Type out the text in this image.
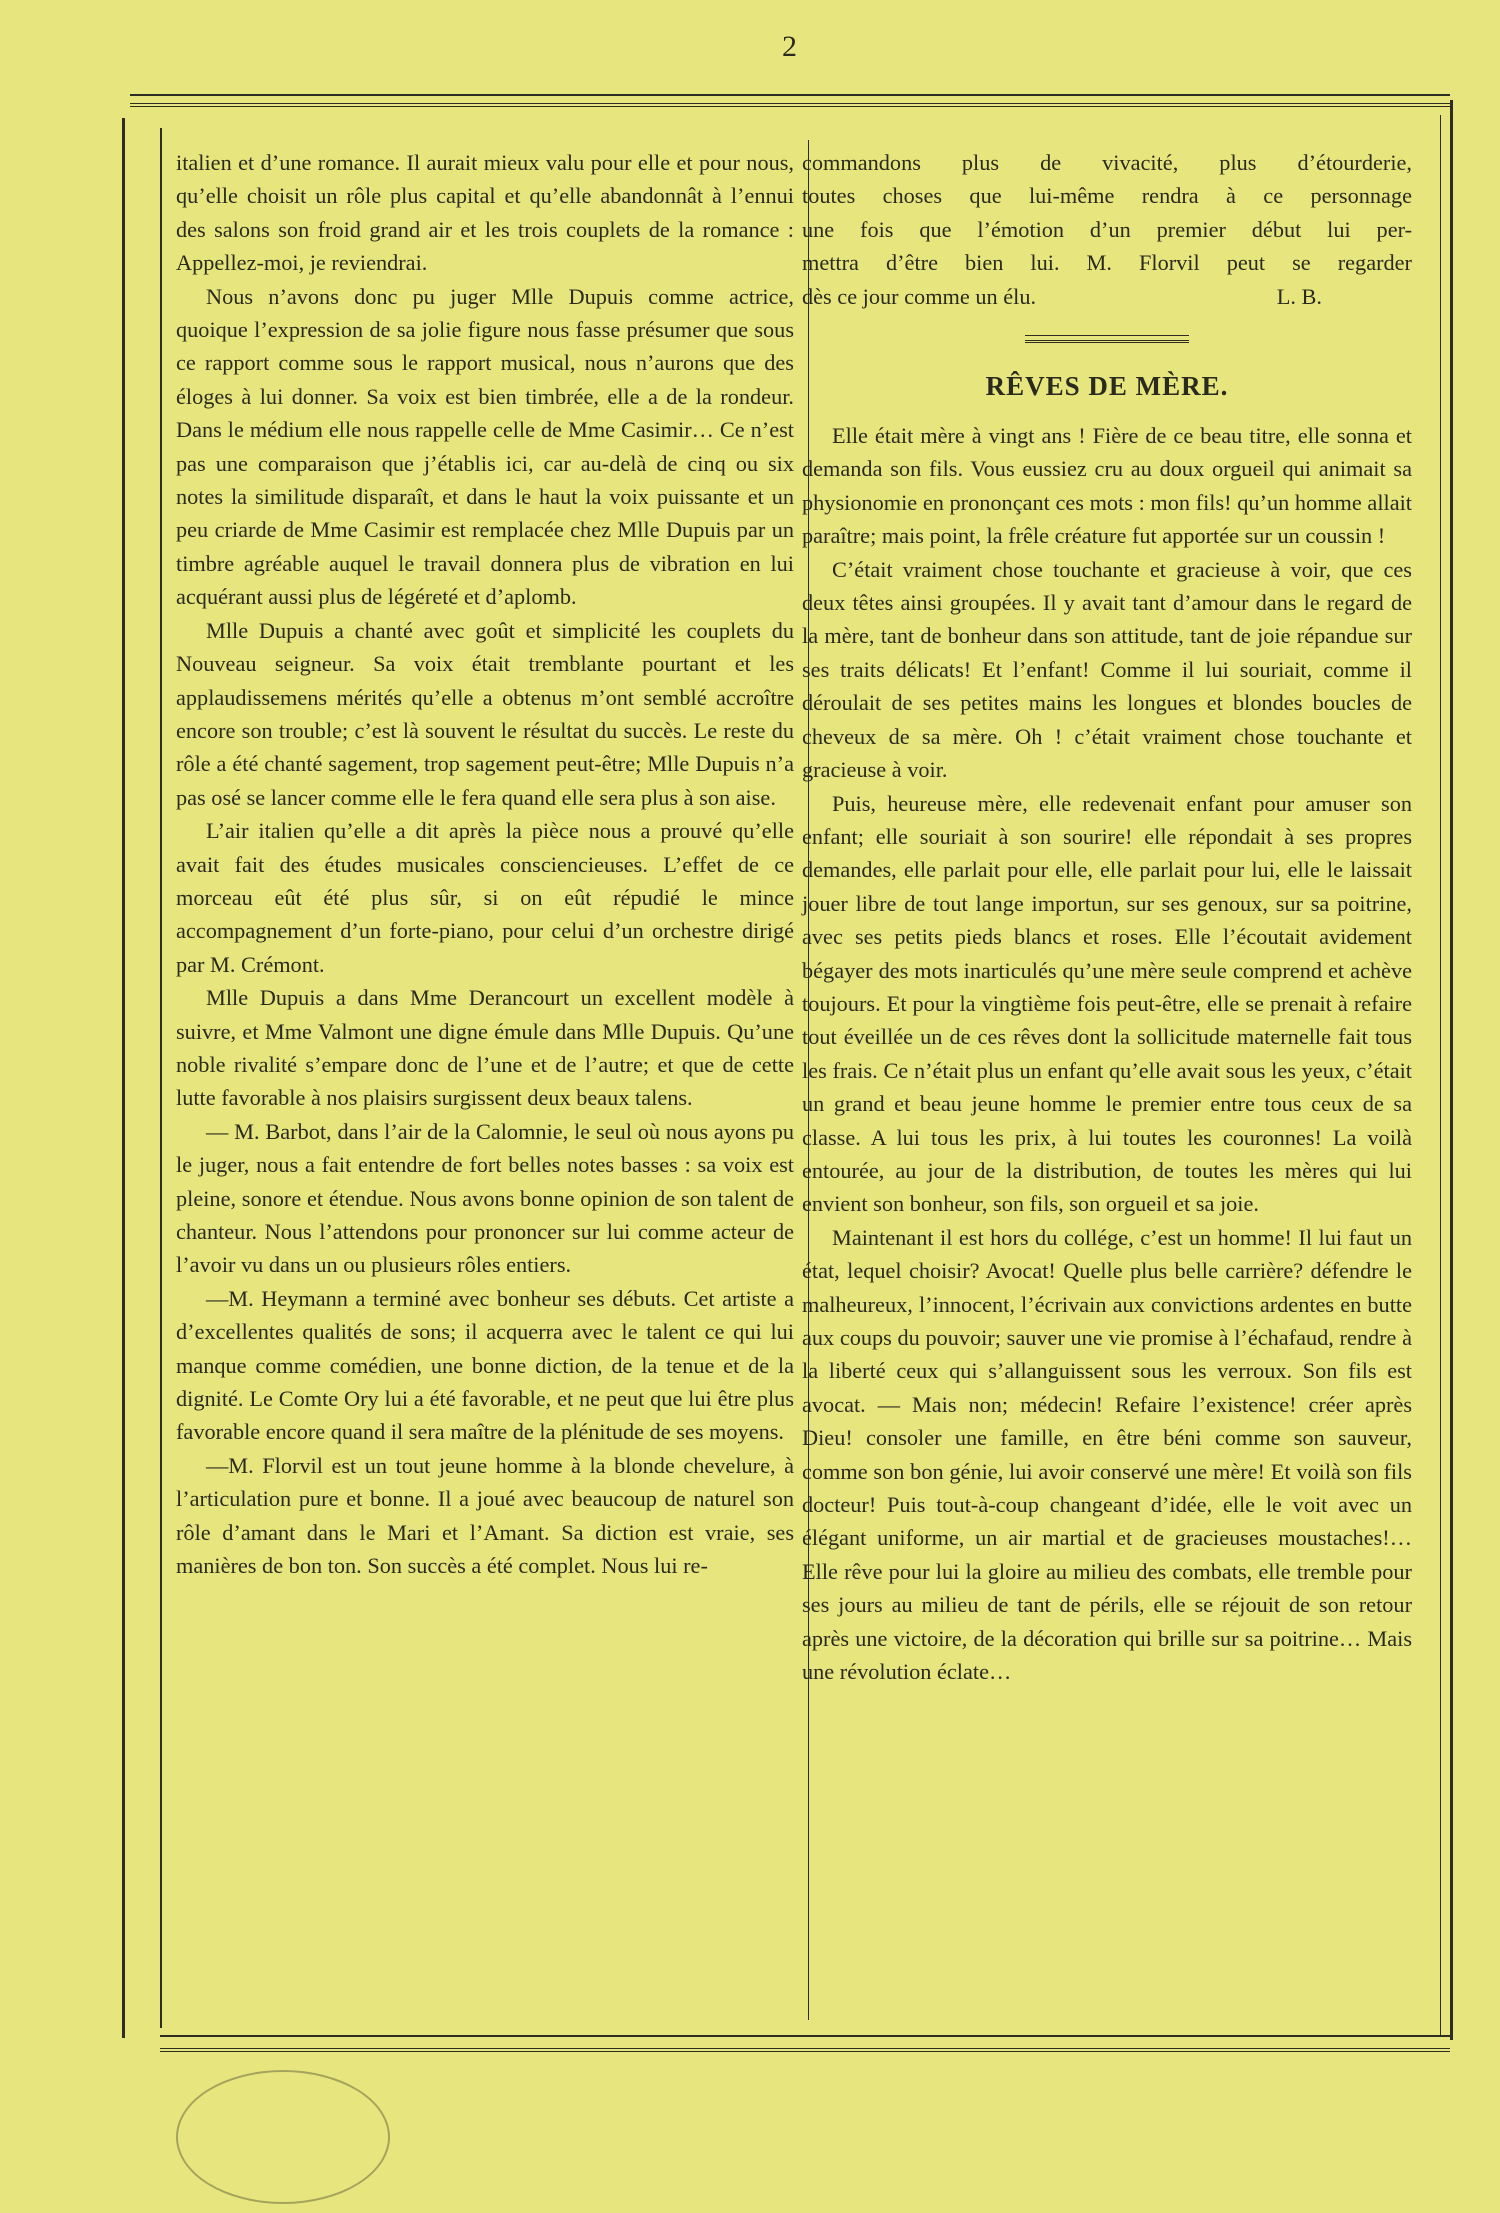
2

italien et d’une romance. Il aurait mieux valu pour elle et pour nous, qu’elle choisit un rôle plus capital et qu’elle abandonnât à l’ennui des salons son froid grand air et les trois couplets de la romance : Appellez-moi, je reviendrai.

Nous n’avons donc pu juger Mlle Dupuis comme actrice, quoique l’expression de sa jolie figure nous fasse présumer que sous ce rapport comme sous le rapport musical, nous n’aurons que des éloges à lui donner. Sa voix est bien timbrée, elle a de la rondeur. Dans le médium elle nous rappelle celle de Mme Casimir… Ce n’est pas une comparaison que j’établis ici, car au-delà de cinq ou six notes la similitude disparaît, et dans le haut la voix puissante et un peu criarde de Mme Casimir est remplacée chez Mlle Dupuis par un timbre agréable auquel le travail donnera plus de vibration en lui acquérant aussi plus de légéreté et d’aplomb.

Mlle Dupuis a chanté avec goût et simplicité les couplets du Nouveau seigneur. Sa voix était tremblante pourtant et les applaudissemens mérités qu’elle a obtenus m’ont semblé accroître encore son trouble; c’est là souvent le résultat du succès. Le reste du rôle a été chanté sagement, trop sagement peut-être; Mlle Dupuis n’a pas osé se lancer comme elle le fera quand elle sera plus à son aise.

L’air italien qu’elle a dit après la pièce nous a prouvé qu’elle avait fait des études musicales consciencieuses. L’effet de ce morceau eût été plus sûr, si on eût répudié le mince accompagnement d’un forte-piano, pour celui d’un orchestre dirigé par M. Crémont.

Mlle Dupuis a dans Mme Derancourt un excellent modèle à suivre, et Mme Valmont une digne émule dans Mlle Dupuis. Qu’une noble rivalité s’empare donc de l’une et de l’autre; et que de cette lutte favorable à nos plaisirs surgissent deux beaux talens.

— M. Barbot, dans l’air de la Calomnie, le seul où nous ayons pu le juger, nous a fait entendre de fort belles notes basses : sa voix est pleine, sonore et étendue. Nous avons bonne opinion de son talent de chanteur. Nous l’attendons pour prononcer sur lui comme acteur de l’avoir vu dans un ou plusieurs rôles entiers.

—M. Heymann a terminé avec bonheur ses débuts. Cet artiste a d’excellentes qualités de sons; il acquerra avec le talent ce qui lui manque comme comédien, une bonne diction, de la tenue et de la dignité. Le Comte Ory lui a été favorable, et ne peut que lui être plus favorable encore quand il sera maître de la plénitude de ses moyens.

—M. Florvil est un tout jeune homme à la blonde chevelure, à l’articulation pure et bonne. Il a joué avec beaucoup de naturel son rôle d’amant dans le Mari et l’Amant. Sa diction est vraie, ses manières de bon ton. Son succès a été complet. Nous lui re-

commandons plus de vivacité, plus d’étourderie,
toutes choses que lui-même rendra à ce personnage
une fois que l’émotion d’un premier début lui per-
mettra d’être bien lui. M. Florvil peut se regarder
dès ce jour comme un élu.	L. B.

RÊVES DE MÈRE.

Elle était mère à vingt ans ! Fière de ce beau titre, elle sonna et demanda son fils. Vous eussiez cru au doux orgueil qui animait sa physionomie en prononçant ces mots : mon fils! qu’un homme allait paraître; mais point, la frêle créature fut apportée sur un coussin !

C’était vraiment chose touchante et gracieuse à voir, que ces deux têtes ainsi groupées. Il y avait tant d’amour dans le regard de la mère, tant de bonheur dans son attitude, tant de joie répandue sur ses traits délicats! Et l’enfant! Comme il lui souriait, comme il déroulait de ses petites mains les longues et blondes boucles de cheveux de sa mère. Oh ! c’était vraiment chose touchante et gracieuse à voir.

Puis, heureuse mère, elle redevenait enfant pour amuser son enfant; elle souriait à son sourire! elle répondait à ses propres demandes, elle parlait pour elle, elle parlait pour lui, elle le laissait jouer libre de tout lange importun, sur ses genoux, sur sa poitrine, avec ses petits pieds blancs et roses. Elle l’écoutait avidement bégayer des mots inarticulés qu’une mère seule comprend et achève toujours. Et pour la vingtième fois peut-être, elle se prenait à refaire tout éveillée un de ces rêves dont la sollicitude maternelle fait tous les frais. Ce n’était plus un enfant qu’elle avait sous les yeux, c’était un grand et beau jeune homme le premier entre tous ceux de sa classe. A lui tous les prix, à lui toutes les couronnes! La voilà entourée, au jour de la distribution, de toutes les mères qui lui envient son bonheur, son fils, son orgueil et sa joie.

Maintenant il est hors du collége, c’est un homme! Il lui faut un état, lequel choisir? Avocat! Quelle plus belle carrière? défendre le malheureux, l’innocent, l’écrivain aux convictions ardentes en butte aux coups du pouvoir; sauver une vie promise à l’échafaud, rendre à la liberté ceux qui s’allanguissent sous les verroux. Son fils est avocat. — Mais non; médecin! Refaire l’existence! créer après Dieu! consoler une famille, en être béni comme son sauveur, comme son bon génie, lui avoir conservé une mère! Et voilà son fils docteur! Puis tout-à-coup changeant d’idée, elle le voit avec un élégant uniforme, un air martial et de gracieuses moustaches!… Elle rêve pour lui la gloire au milieu des combats, elle tremble pour ses jours au milieu de tant de périls, elle se réjouit de son retour après une victoire, de la décoration qui brille sur sa poitrine… Mais une révolution éclate…
